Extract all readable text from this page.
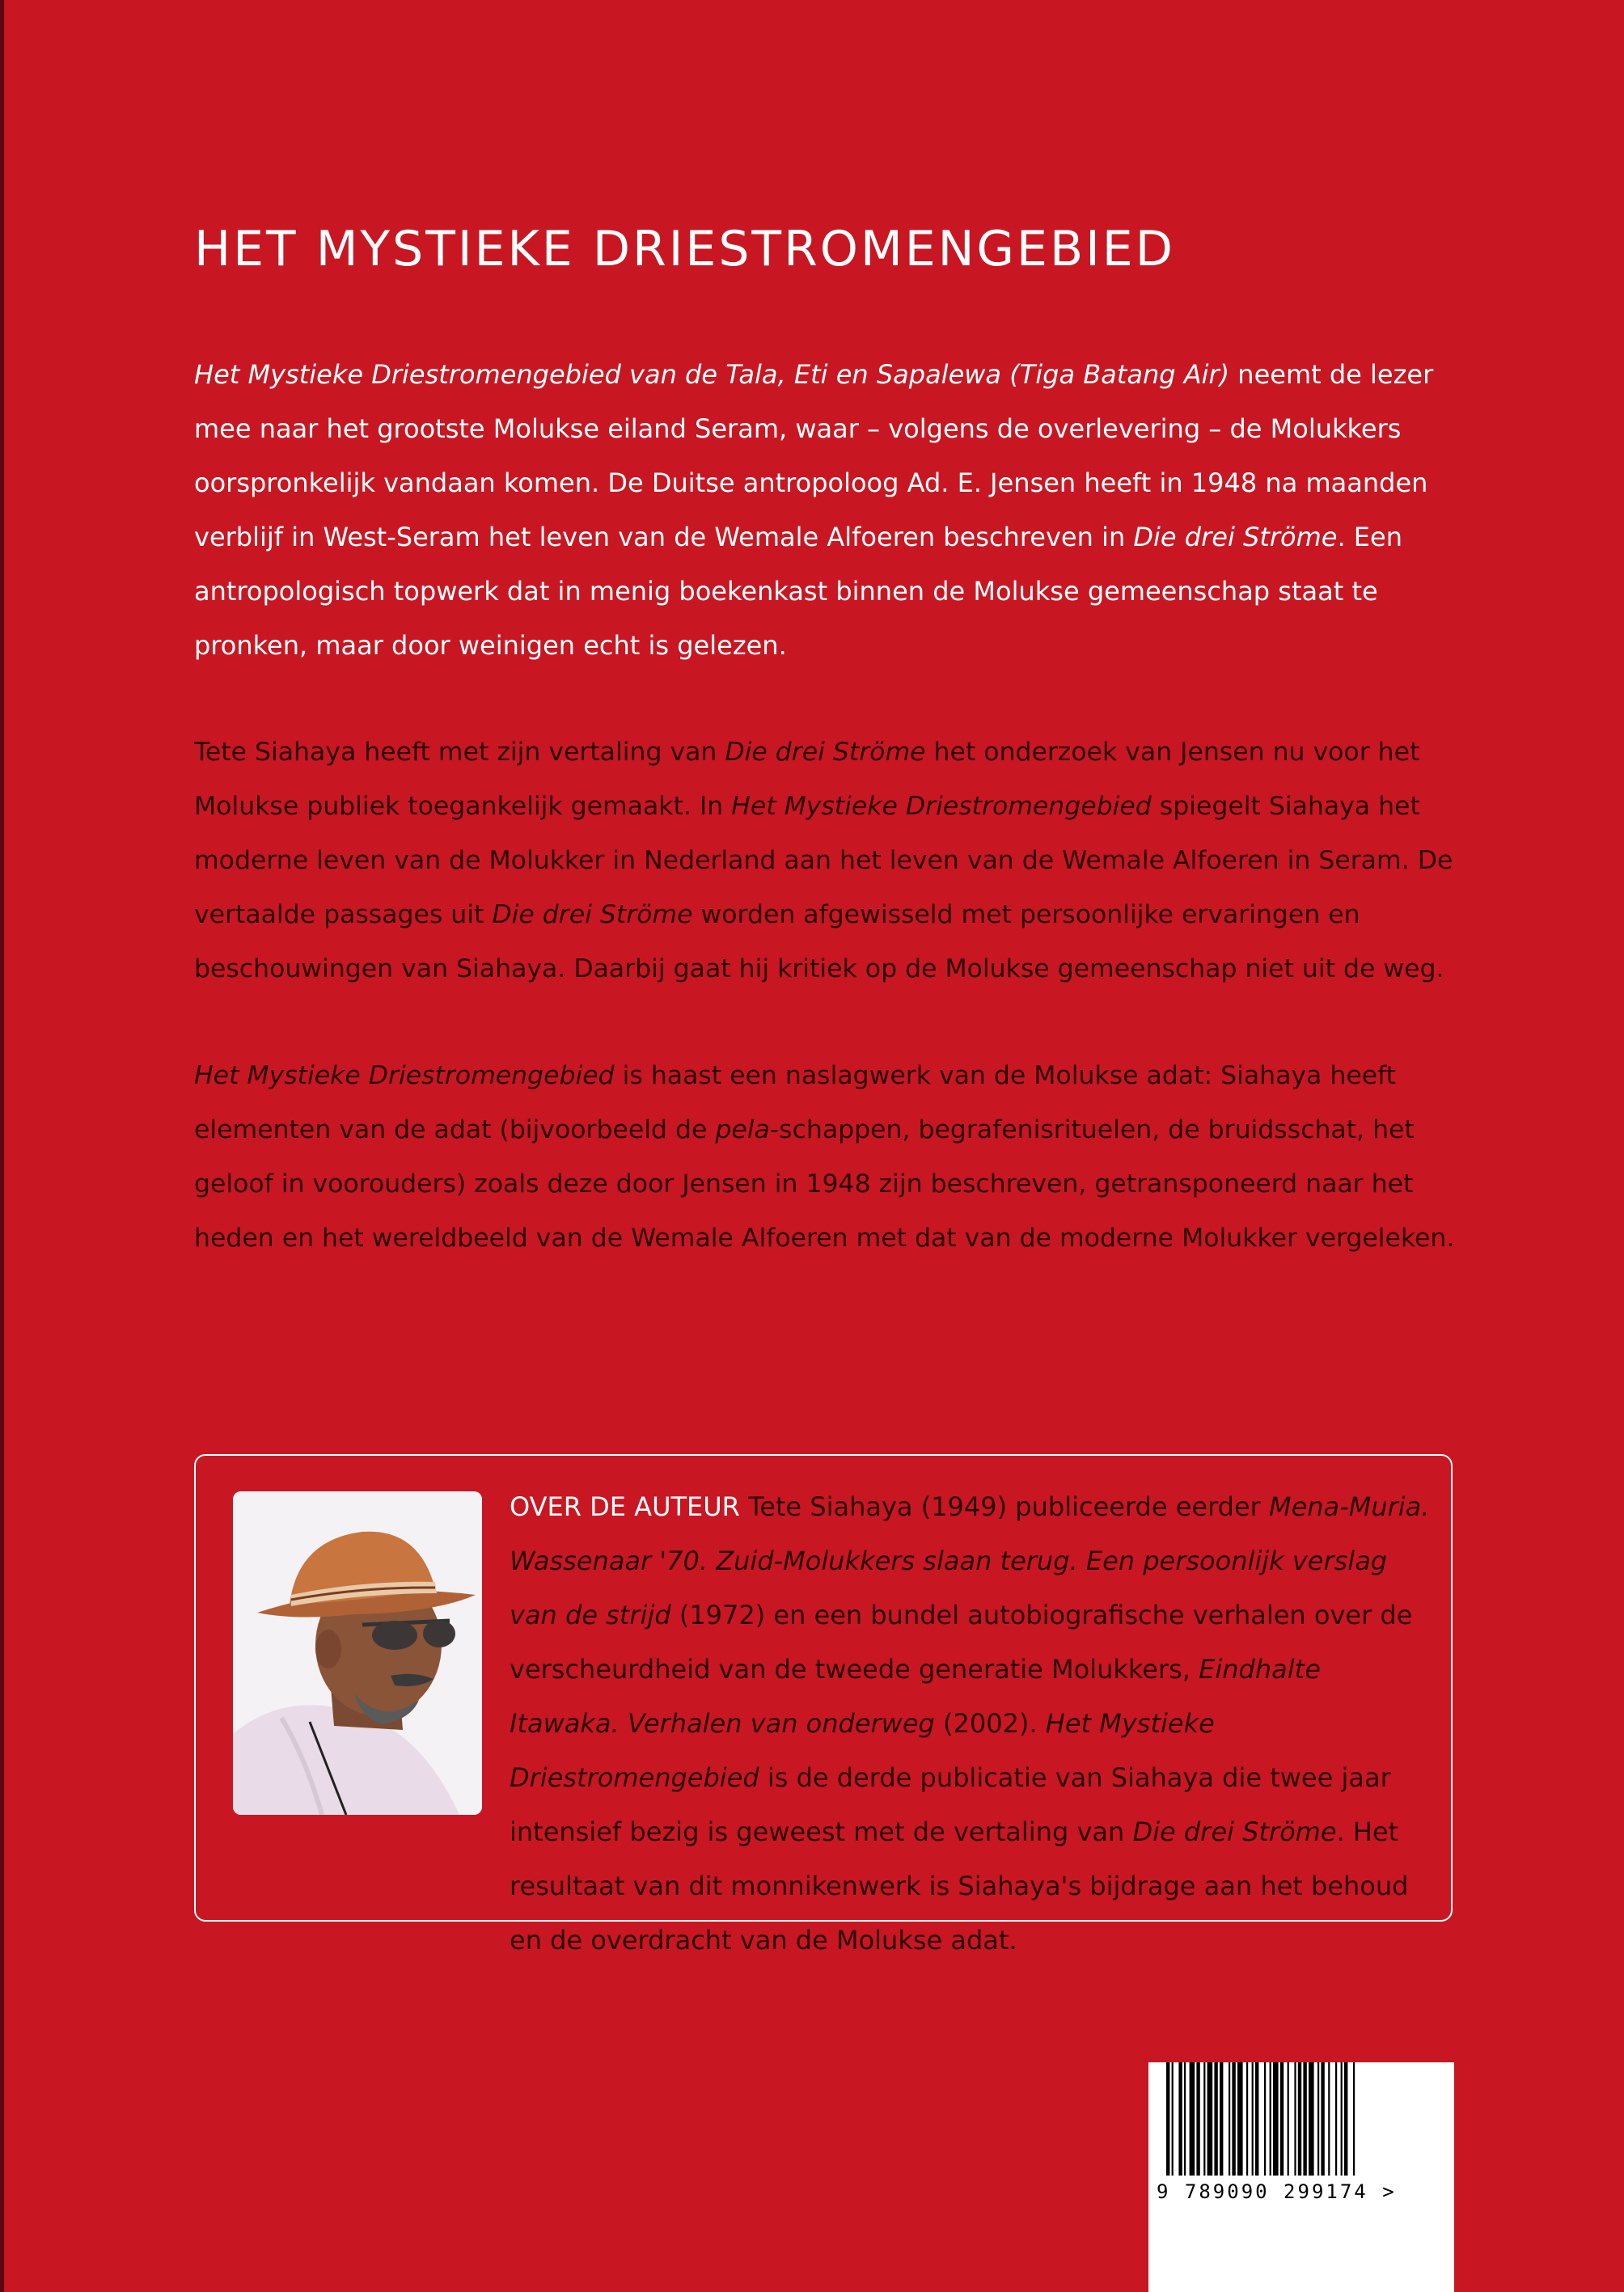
HET MYSTIEKE DRIESTROMENGEBIED

Het Mystieke Driestromengebied van de Tala, Eti en Sapalewa (Tiga Batang Air) neemt de lezer mee naar het grootste Molukse eiland Seram, waar – volgens de overlevering – de Molukkers oorspronkelijk vandaan komen. De Duitse antropoloog Ad. E. Jensen heeft in 1948 na maanden verblijf in West-Seram het leven van de Wemale Alfoeren beschreven in Die drei Ströme. Een antropologisch topwerk dat in menig boekenkast binnen de Molukse gemeenschap staat te pronken, maar door weinigen echt is gelezen.

Tete Siahaya heeft met zijn vertaling van Die drei Ströme het onderzoek van Jensen nu voor het Molukse publiek toegankelijk gemaakt. In Het Mystieke Driestromengebied spiegelt Siahaya het moderne leven van de Molukker in Nederland aan het leven van de Wemale Alfoeren in Seram. De vertaalde passages uit Die drei Ströme worden afgewisseld met persoonlijke ervaringen en beschouwingen van Siahaya. Daarbij gaat hij kritiek op de Molukse gemeenschap niet uit de weg.

Het Mystieke Driestromengebied is haast een naslagwerk van de Molukse adat: Siahaya heeft elementen van de adat (bijvoorbeeld de pela-schappen, begrafenisrituelen, de bruidsschat, het geloof in voorouders) zoals deze door Jensen in 1948 zijn beschreven, getransponeerd naar het heden en het wereldbeeld van de Wemale Alfoeren met dat van de moderne Molukker vergeleken.

OVER DE AUTEUR Tete Siahaya (1949) publiceerde eerder Mena-Muria. Wassenaar '70. Zuid-Molukkers slaan terug. Een persoonlijk verslag van de strijd (1972) en een bundel autobiografische verhalen over de verscheurdheid van de tweede generatie Molukkers, Eindhalte Itawaka. Verhalen van onderweg (2002). Het Mystieke Driestromengebied is de derde publicatie van Siahaya die twee jaar intensief bezig is geweest met de vertaling van Die drei Ströme. Het resultaat van dit monnikenwerk is Siahaya's bijdrage aan het behoud en de overdracht van de Molukse adat.

9 789090 299174 >
